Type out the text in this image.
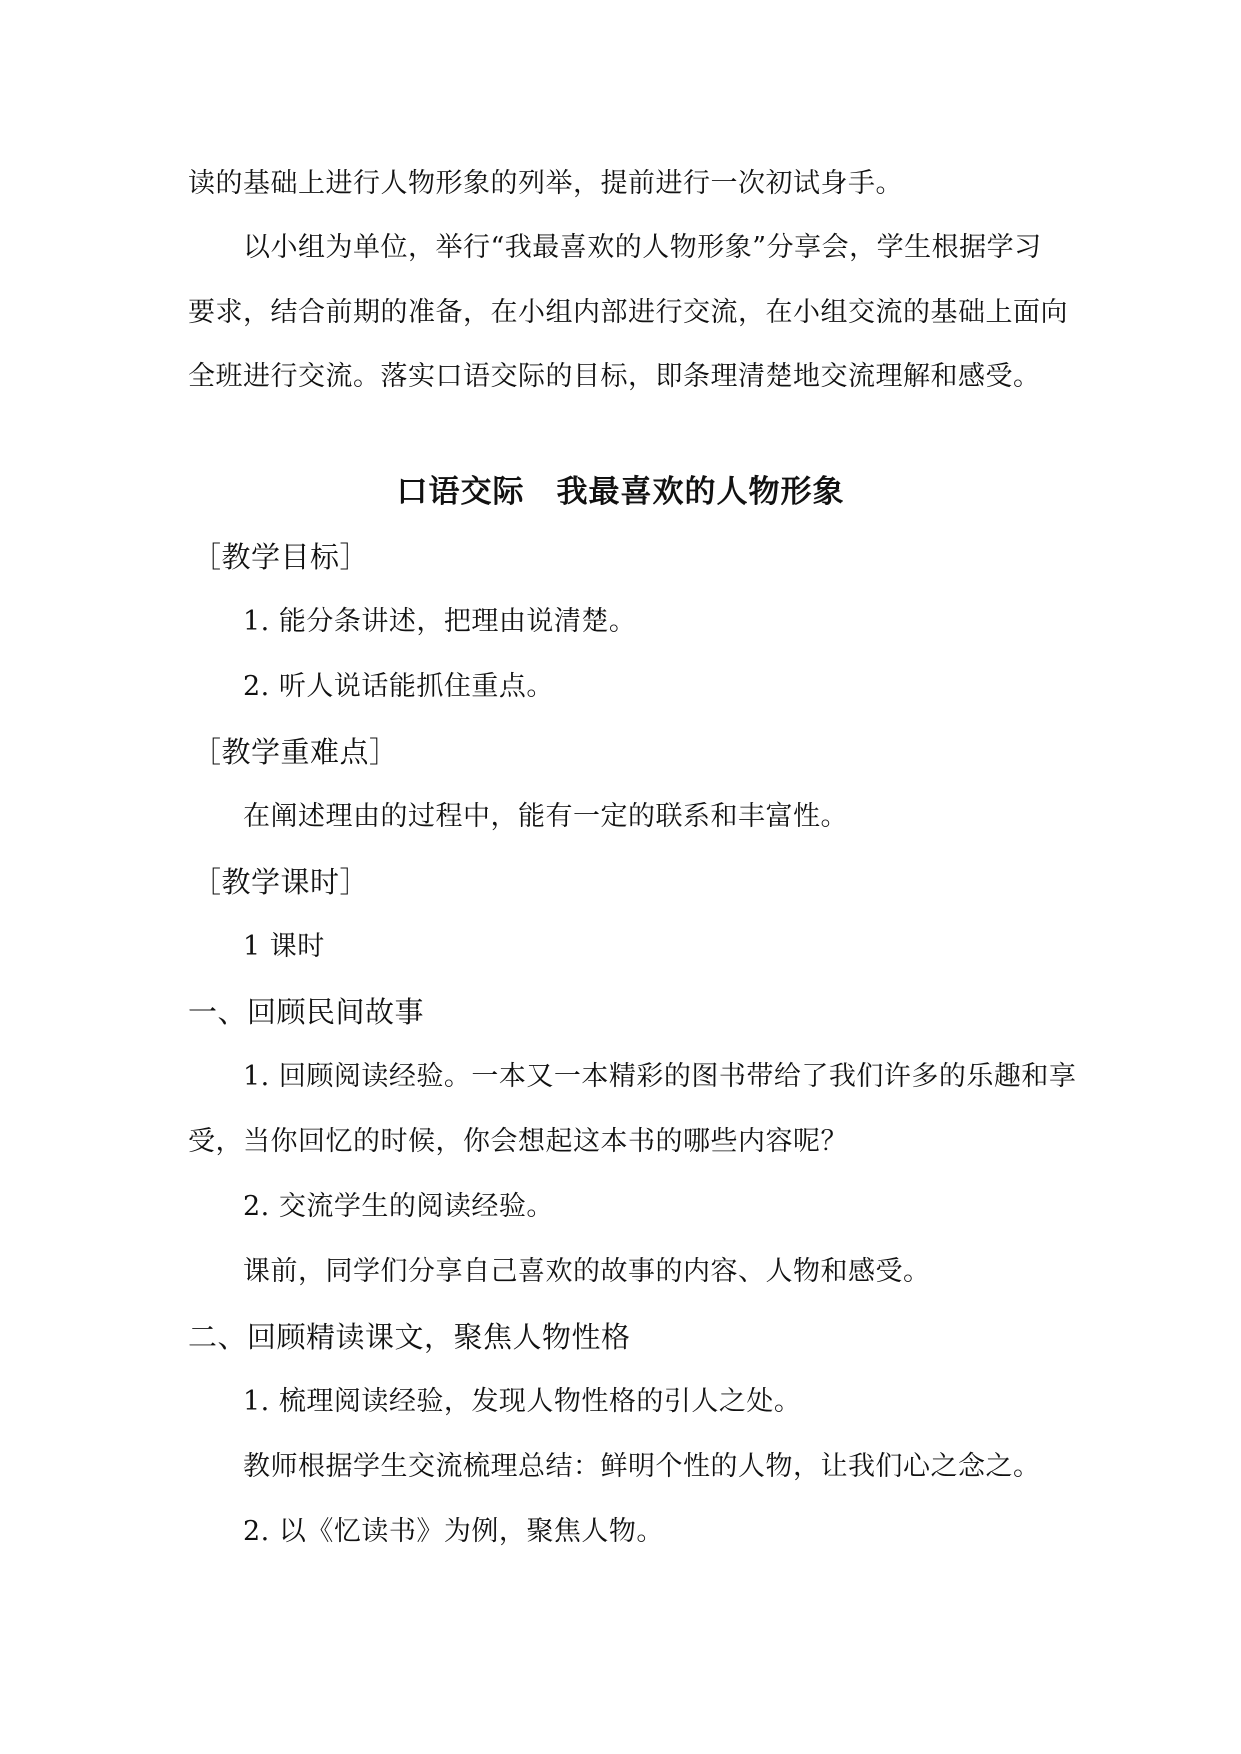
读的基础上进行人物形象的列举，提前进行一次初试身手。
以小组为单位，举行“我最喜欢的人物形象”分享会，学生根据学习
要求，结合前期的准备，在小组内部进行交流，在小组交流的基础上面向
全班进行交流。落实口语交际的目标，即条理清楚地交流理解和感受。
口语交际　我最喜欢的人物形象
［教学目标］
1. 能分条讲述，把理由说清楚。
2. 听人说话能抓住重点。
［教学重难点］
在阐述理由的过程中，能有一定的联系和丰富性。
［教学课时］
1 课时
一、回顾民间故事
1. 回顾阅读经验。一本又一本精彩的图书带给了我们许多的乐趣和享
受，当你回忆的时候，你会想起这本书的哪些内容呢？
2. 交流学生的阅读经验。
课前，同学们分享自己喜欢的故事的内容、人物和感受。
二、回顾精读课文，聚焦人物性格
1. 梳理阅读经验，发现人物性格的引人之处。
教师根据学生交流梳理总结：鲜明个性的人物，让我们心之念之。
2. 以《忆读书》为例，聚焦人物。
